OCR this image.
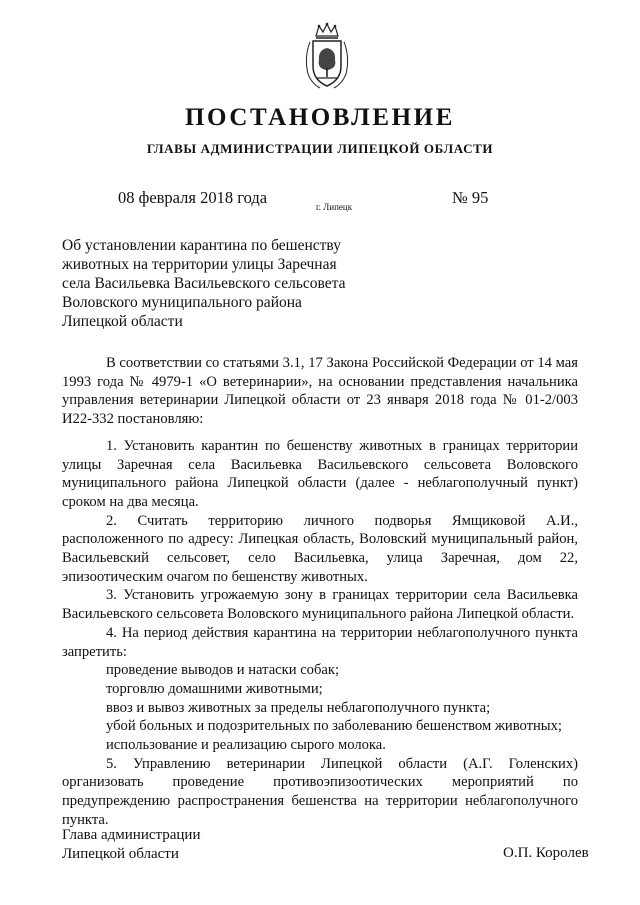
ПОСТАНОВЛЕНИЕ
ГЛАВЫ АДМИНИСТРАЦИИ ЛИПЕЦКОЙ ОБЛАСТИ
08 февраля 2018 года	г. Липецк	№ 95
Об установлении карантина по бешенству
животных на территории улицы Заречная
села Васильевка Васильевского сельсовета
Воловского муниципального района
Липецкой области

В соответствии со статьями 3.1, 17 Закона Российской Федерации от 14 мая 1993 года № 4979-1 «О ветеринарии», на основании представления начальника управления ветеринарии Липецкой области от 23 января 2018 года № 01-2/003 И22-332 постановляю:

1. Установить карантин по бешенству животных в границах территории улицы Заречная села Васильевка Васильевского сельсовета Воловского муниципального района Липецкой области (далее - неблагополучный пункт) сроком на два месяца.

2. Считать территорию личного подворья Ямщиковой А.И., расположенного по адресу: Липецкая область, Воловский муниципальный район, Васильевский сельсовет, село Васильевка, улица Заречная, дом 22, эпизоотическим очагом по бешенству животных.

3. Установить угрожаемую зону в границах территории села Васильевка Васильевского сельсовета Воловского муниципального района Липецкой области.

4. На период действия карантина на территории неблагополучного пункта запретить:

проведение выводов и натаски собак;

торговлю домашними животными;

ввоз и вывоз животных за пределы неблагополучного пункта;

убой больных и подозрительных по заболеванию бешенством животных;

использование и реализацию сырого молока.

5. Управлению ветеринарии Липецкой области (А.Г. Голенских) организовать проведение противоэпизоотических мероприятий по предупреждению распространения бешенства на территории неблагополучного пункта.

Глава администрации
Липецкой области	О.П. Королев
